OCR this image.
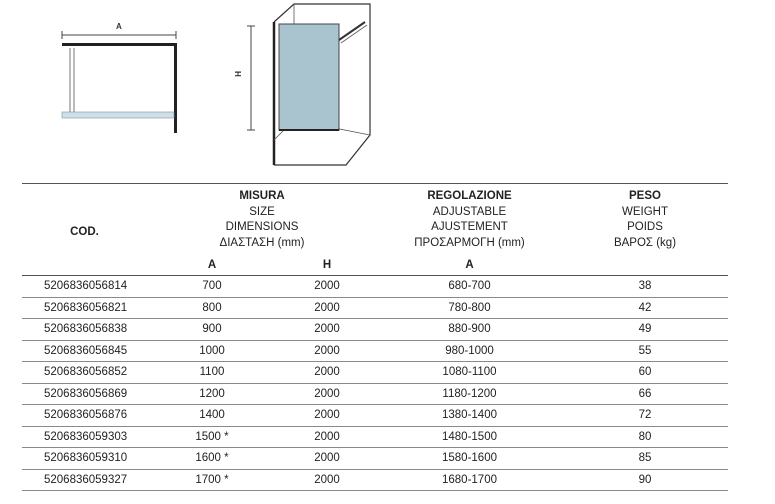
A
H
COD.	MISURA
SIZE
DIMENSIONS
ΔΙΑΣΤΑΣΗ (mm)		REGOLAZIONE
ADJUSTABLE
AJUSTEMENT
ΠΡΟΣΑΡΜΟΓΗ (mm)	PESO
WEIGHT
POIDS
ΒΑΡΟΣ (kg)

	A	H	A	
5206836056814	700	2000	680-700	38
5206836056821	800	2000	780-800	42
5206836056838	900	2000	880-900	49
5206836056845	1000	2000	980-1000	55
5206836056852	1100	2000	1080-1100	60
5206836056869	1200	2000	1180-1200	66
5206836056876	1400	2000	1380-1400	72
5206836059303	1500 *	2000	1480-1500	80
5206836059310	1600 *	2000	1580-1600	85
5206836059327	1700 *	2000	1680-1700	90
